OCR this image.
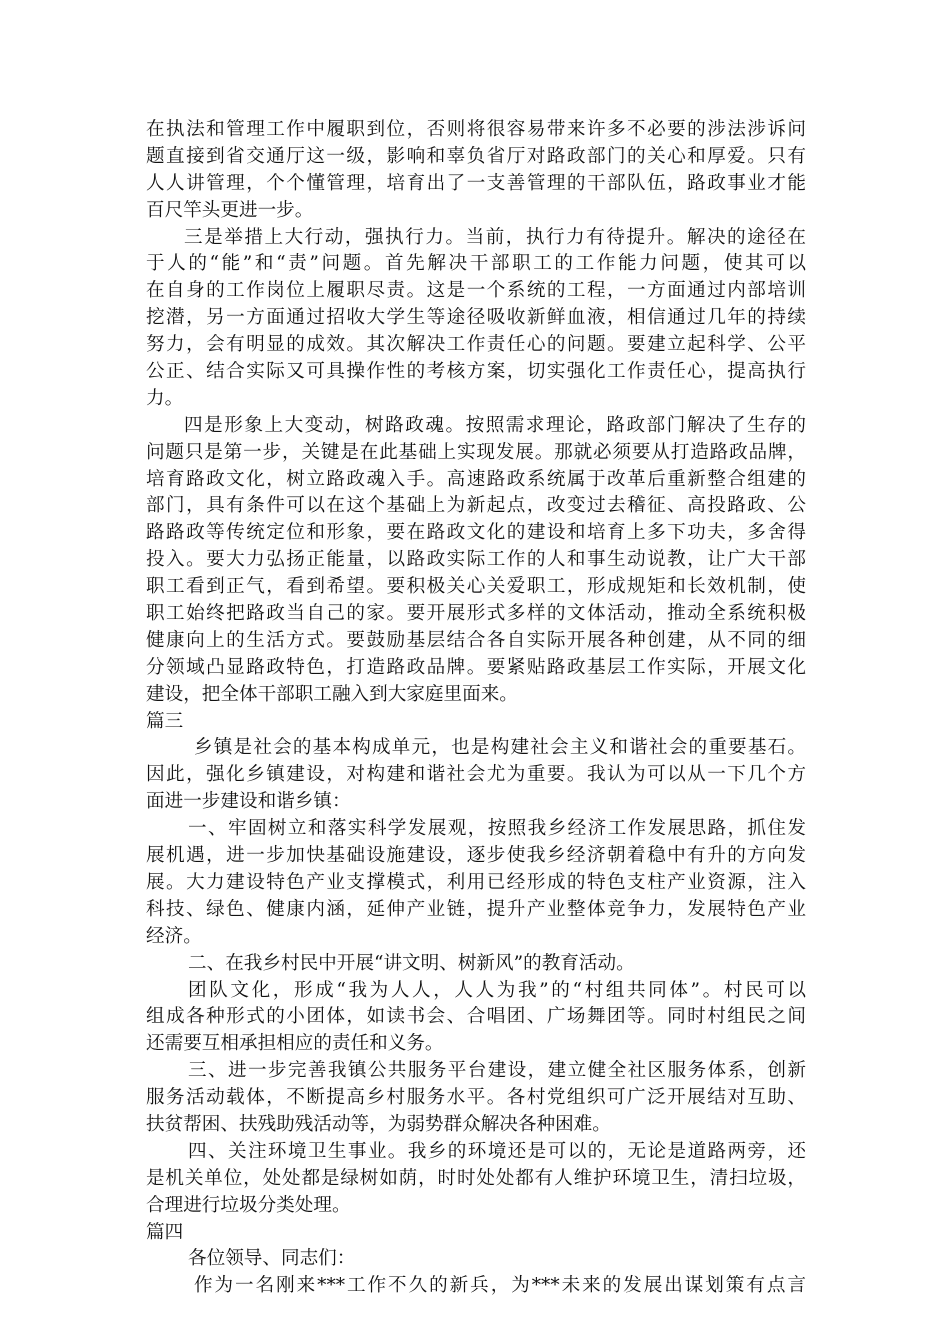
在执法和管理工作中履职到位，否则将很容易带来许多不必要的涉法涉诉问
题直接到省交通厅这一级，影响和辜负省厅对路政部门的关心和厚爱。只有
人人讲管理，个个懂管理，培育出了一支善管理的干部队伍，路政事业才能
百尺竿头更进一步。
三是举措上大行动，强执行力。当前，执行力有待提升。解决的途径在
于人的“能”和“责”问题。首先解决干部职工的工作能力问题，使其可以
在自身的工作岗位上履职尽责。这是一个系统的工程，一方面通过内部培训
挖潜，另一方面通过招收大学生等途径吸收新鲜血液，相信通过几年的持续
努力，会有明显的成效。其次解决工作责任心的问题。要建立起科学、公平
公正、结合实际又可具操作性的考核方案，切实强化工作责任心，提高执行
力。
四是形象上大变动，树路政魂。按照需求理论，路政部门解决了生存的
问题只是第一步，关键是在此基础上实现发展。那就必须要从打造路政品牌，
培育路政文化，树立路政魂入手。高速路政系统属于改革后重新整合组建的
部门，具有条件可以在这个基础上为新起点，改变过去稽征、高投路政、公
路路政等传统定位和形象，要在路政文化的建设和培育上多下功夫，多舍得
投入。要大力弘扬正能量，以路政实际工作的人和事生动说教，让广大干部
职工看到正气，看到希望。要积极关心关爱职工，形成规矩和长效机制，使
职工始终把路政当自己的家。要开展形式多样的文体活动，推动全系统积极
健康向上的生活方式。要鼓励基层结合各自实际开展各种创建，从不同的细
分领域凸显路政特色，打造路政品牌。要紧贴路政基层工作实际，开展文化
建设，把全体干部职工融入到大家庭里面来。
篇三
乡镇是社会的基本构成单元，也是构建社会主义和谐社会的重要基石。
因此，强化乡镇建设，对构建和谐社会尤为重要。我认为可以从一下几个方
面进一步建设和谐乡镇：
一、牢固树立和落实科学发展观，按照我乡经济工作发展思路，抓住发
展机遇，进一步加快基础设施建设，逐步使我乡经济朝着稳中有升的方向发
展。大力建设特色产业支撑模式，利用已经形成的特色支柱产业资源，注入
科技、绿色、健康内涵，延伸产业链，提升产业整体竞争力，发展特色产业
经济。
二、在我乡村民中开展“讲文明、树新风”的教育活动。
团队文化，形成“我为人人，人人为我”的“村组共同体”。村民可以
组成各种形式的小团体，如读书会、合唱团、广场舞团等。同时村组民之间
还需要互相承担相应的责任和义务。
三、进一步完善我镇公共服务平台建设，建立健全社区服务体系，创新
服务活动载体，不断提高乡村服务水平。各村党组织可广泛开展结对互助、
扶贫帮困、扶残助残活动等，为弱势群众解决各种困难。
四、关注环境卫生事业。我乡的环境还是可以的，无论是道路两旁，还
是机关单位，处处都是绿树如荫，时时处处都有人维护环境卫生，清扫垃圾，
合理进行垃圾分类处理。
篇四
各位领导、同志们：
作为一名刚来***工作不久的新兵，为***未来的发展出谋划策有点言
